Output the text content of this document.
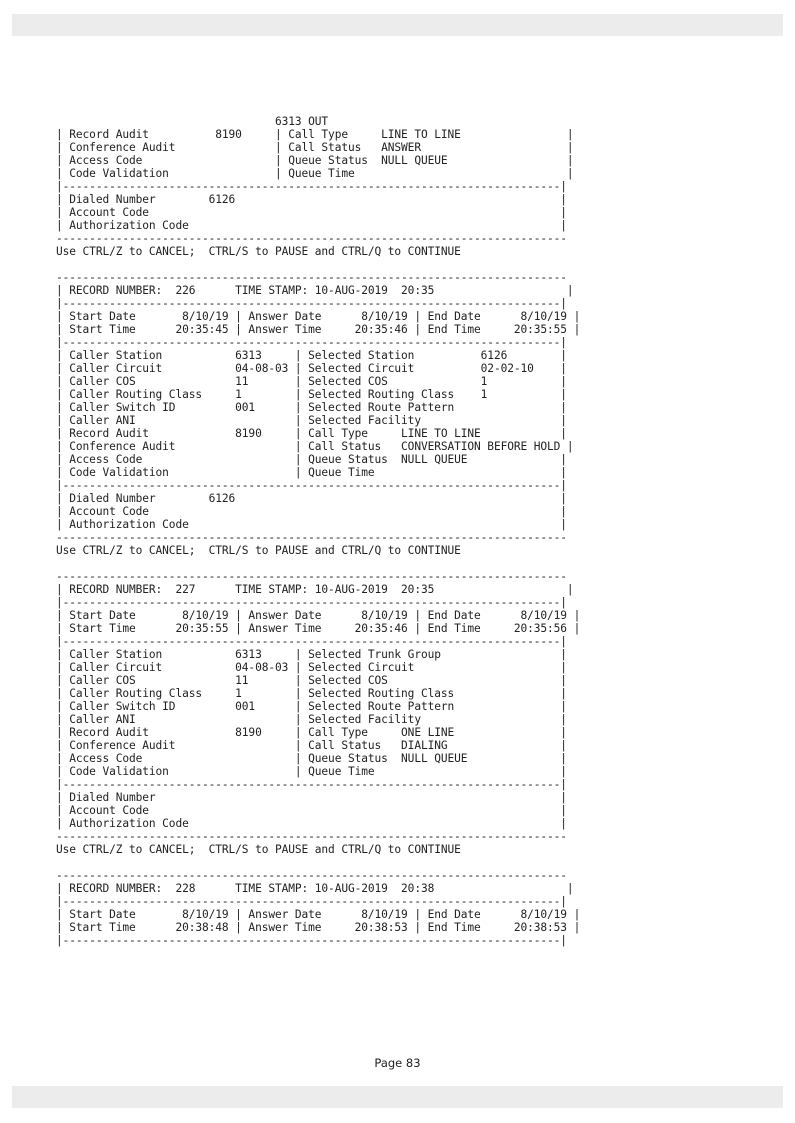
6313 OUT
| Record Audit          8190     | Call Type     LINE TO LINE                |
| Conference Audit               | Call Status   ANSWER                      |
| Access Code                    | Queue Status  NULL QUEUE                  |
| Code Validation                | Queue Time                                |
|---------------------------------------------------------------------------|
| Dialed Number        6126                                                 |
| Account Code                                                              |
| Authorization Code                                                        |
-----------------------------------------------------------------------------
Use CTRL/Z to CANCEL;  CTRL/S to PAUSE and CTRL/Q to CONTINUE
-----------------------------------------------------------------------------
| RECORD NUMBER:  226      TIME STAMP: 10-AUG-2019  20:35                    |
|---------------------------------------------------------------------------|
| Start Date       8/10/19 | Answer Date      8/10/19 | End Date      8/10/19 |
| Start Time      20:35:45 | Answer Time     20:35:46 | End Time     20:35:55 |
|---------------------------------------------------------------------------|
| Caller Station           6313     | Selected Station          6126        |
| Caller Circuit           04-08-03 | Selected Circuit          02-02-10    |
| Caller COS               11       | Selected COS              1           |
| Caller Routing Class     1        | Selected Routing Class    1           |
| Caller Switch ID         001      | Selected Route Pattern                |
| Caller ANI                        | Selected Facility                     |
| Record Audit             8190     | Call Type     LINE TO LINE            |
| Conference Audit                  | Call Status   CONVERSATION BEFORE HOLD |
| Access Code                       | Queue Status  NULL QUEUE              |
| Code Validation                   | Queue Time                            |
|---------------------------------------------------------------------------|
| Dialed Number        6126                                                 |
| Account Code                                                              |
| Authorization Code                                                        |
-----------------------------------------------------------------------------
Use CTRL/Z to CANCEL;  CTRL/S to PAUSE and CTRL/Q to CONTINUE
-----------------------------------------------------------------------------
| RECORD NUMBER:  227      TIME STAMP: 10-AUG-2019  20:35                    |
|---------------------------------------------------------------------------|
| Start Date       8/10/19 | Answer Date      8/10/19 | End Date      8/10/19 |
| Start Time      20:35:55 | Answer Time     20:35:46 | End Time     20:35:56 |
|---------------------------------------------------------------------------|
| Caller Station           6313     | Selected Trunk Group                  |
| Caller Circuit           04-08-03 | Selected Circuit                      |
| Caller COS               11       | Selected COS                          |
| Caller Routing Class     1        | Selected Routing Class                |
| Caller Switch ID         001      | Selected Route Pattern                |
| Caller ANI                        | Selected Facility                     |
| Record Audit             8190     | Call Type     ONE LINE                |
| Conference Audit                  | Call Status   DIALING                 |
| Access Code                       | Queue Status  NULL QUEUE              |
| Code Validation                   | Queue Time                            |
|---------------------------------------------------------------------------|
| Dialed Number                                                             |
| Account Code                                                              |
| Authorization Code                                                        |
-----------------------------------------------------------------------------
Use CTRL/Z to CANCEL;  CTRL/S to PAUSE and CTRL/Q to CONTINUE
-----------------------------------------------------------------------------
| RECORD NUMBER:  228      TIME STAMP: 10-AUG-2019  20:38                    |
|---------------------------------------------------------------------------|
| Start Date       8/10/19 | Answer Date      8/10/19 | End Date      8/10/19 |
| Start Time      20:38:48 | Answer Time     20:38:53 | End Time     20:38:53 |
|---------------------------------------------------------------------------|
Page 83
